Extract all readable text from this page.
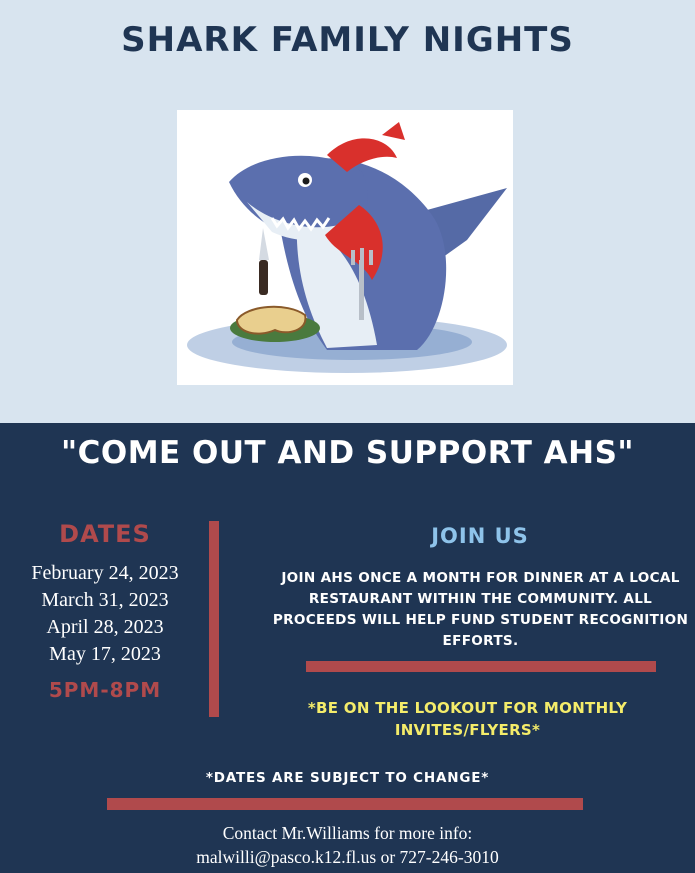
SHARK FAMILY NIGHTS
"COME OUT AND SUPPORT AHS"
DATES
February 24, 2023
March 31, 2023
April 28, 2023
May 17, 2023
5PM-8PM
JOIN US
JOIN AHS ONCE A MONTH FOR DINNER AT A LOCAL RESTAURANT WITHIN THE COMMUNITY. ALL PROCEEDS WILL HELP FUND STUDENT RECOGNITION EFFORTS.
*BE ON THE LOOKOUT FOR MONTHLY INVITES/FLYERS*
*DATES ARE SUBJECT TO CHANGE*
Contact Mr.Williams for more info:
malwilli@pasco.k12.fl.us or 727-246-3010
